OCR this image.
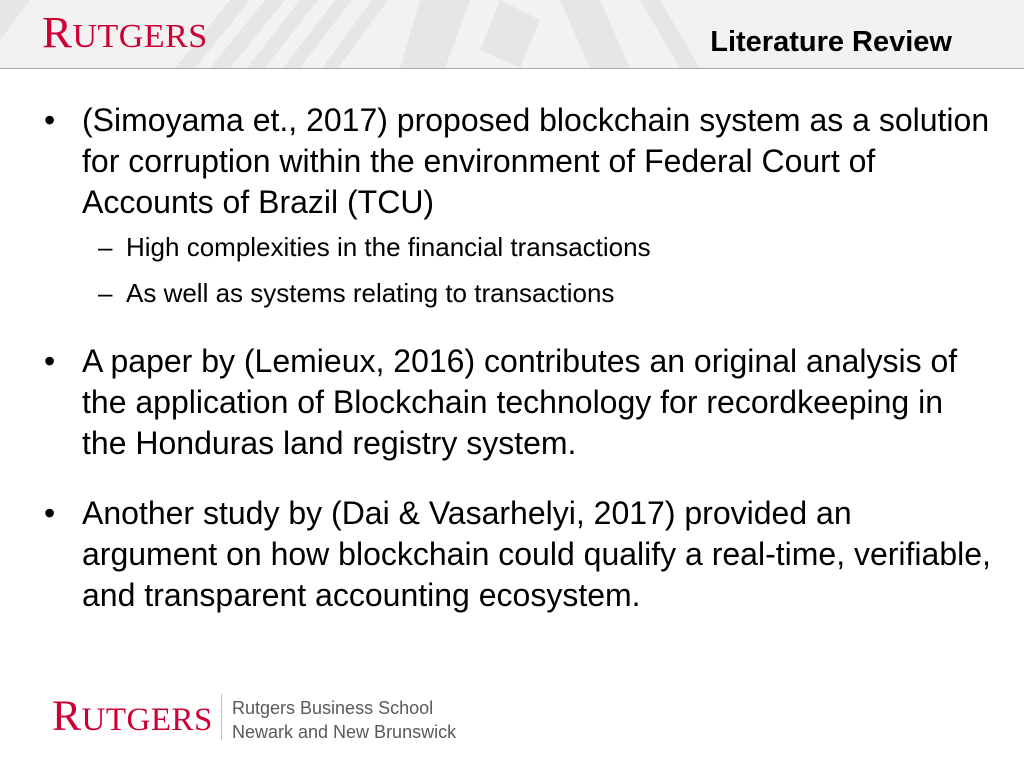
RUTGERS	Literature Review
• (Simoyama et., 2017) proposed blockchain system as a solution for corruption within the environment of Federal Court of Accounts of Brazil (TCU)
– High complexities in the financial transactions
– As well as systems relating to transactions
• A paper by (Lemieux, 2016) contributes an original analysis of the application of Blockchain technology for recordkeeping in the Honduras land registry system.
• Another study by (Dai & Vasarhelyi, 2017) provided an argument on how blockchain could qualify a real-time, verifiable, and transparent accounting ecosystem.
RUTGERS Rutgers Business School
Newark and New Brunswick
